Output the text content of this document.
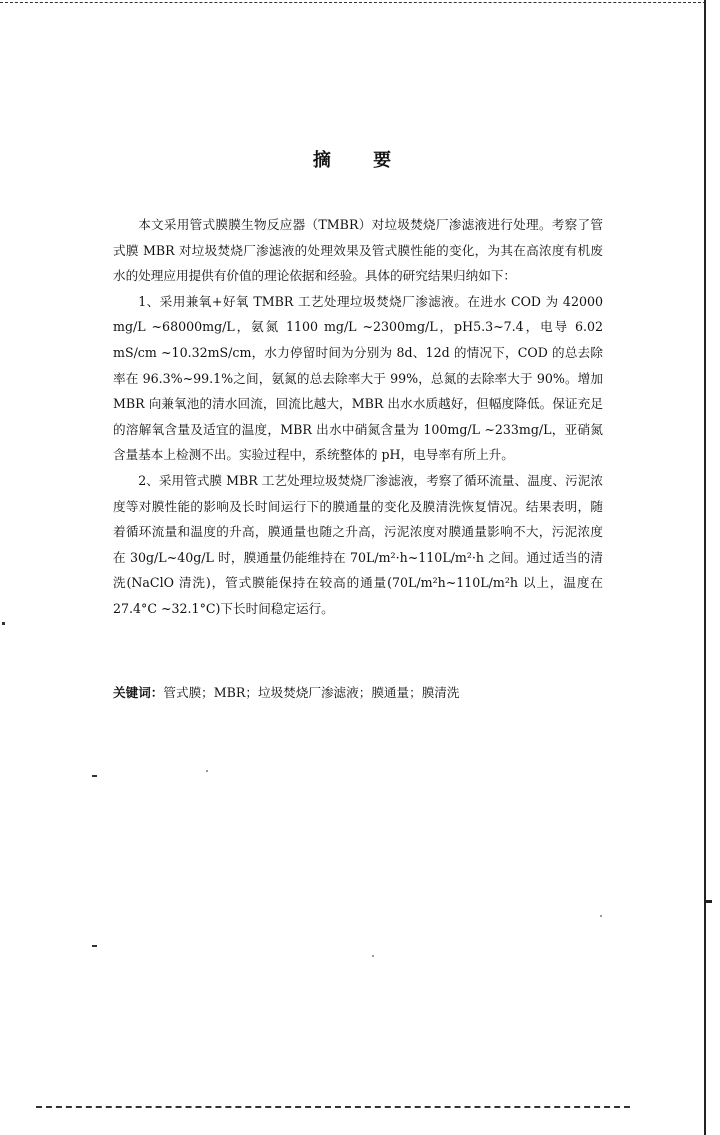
摘 要

本文采用管式膜膜生物反应器（TMBR）对垃圾焚烧厂渗滤液进行处理。考察了管式膜 MBR 对垃圾焚烧厂渗滤液的处理效果及管式膜性能的变化，为其在高浓度有机废水的处理应用提供有价值的理论依据和经验。具体的研究结果归纳如下：

1、采用兼氧+好氧 TMBR 工艺处理垃圾焚烧厂渗滤液。在进水 COD 为 42000 mg/L ~68000mg/L，氨氮 1100 mg/L ~2300mg/L，pH5.3~7.4，电导 6.02 mS/cm ~10.32mS/cm，水力停留时间为分别为 8d、12d 的情况下，COD 的总去除率在 96.3%~99.1%之间，氨氮的总去除率大于 99%，总氮的去除率大于 90%。增加 MBR 向兼氧池的清水回流，回流比越大，MBR 出水水质越好，但幅度降低。保证充足的溶解氧含量及适宜的温度，MBR 出水中硝氮含量为 100mg/L ~233mg/L，亚硝氮含量基本上检测不出。实验过程中，系统整体的 pH，电导率有所上升。

2、采用管式膜 MBR 工艺处理垃圾焚烧厂渗滤液，考察了循环流量、温度、污泥浓度等对膜性能的影响及长时间运行下的膜通量的变化及膜清洗恢复情况。结果表明，随着循环流量和温度的升高，膜通量也随之升高，污泥浓度对膜通量影响不大，污泥浓度在 30g/L~40g/L 时，膜通量仍能维持在 70L/m²·h~110L/m²·h 之间。通过适当的清洗(NaClO 清洗)，管式膜能保持在较高的通量(70L/m²h~110L/m²h 以上，温度在 27.4°C ~32.1°C)下长时间稳定运行。

关键词：管式膜；MBR；垃圾焚烧厂渗滤液；膜通量；膜清洗
